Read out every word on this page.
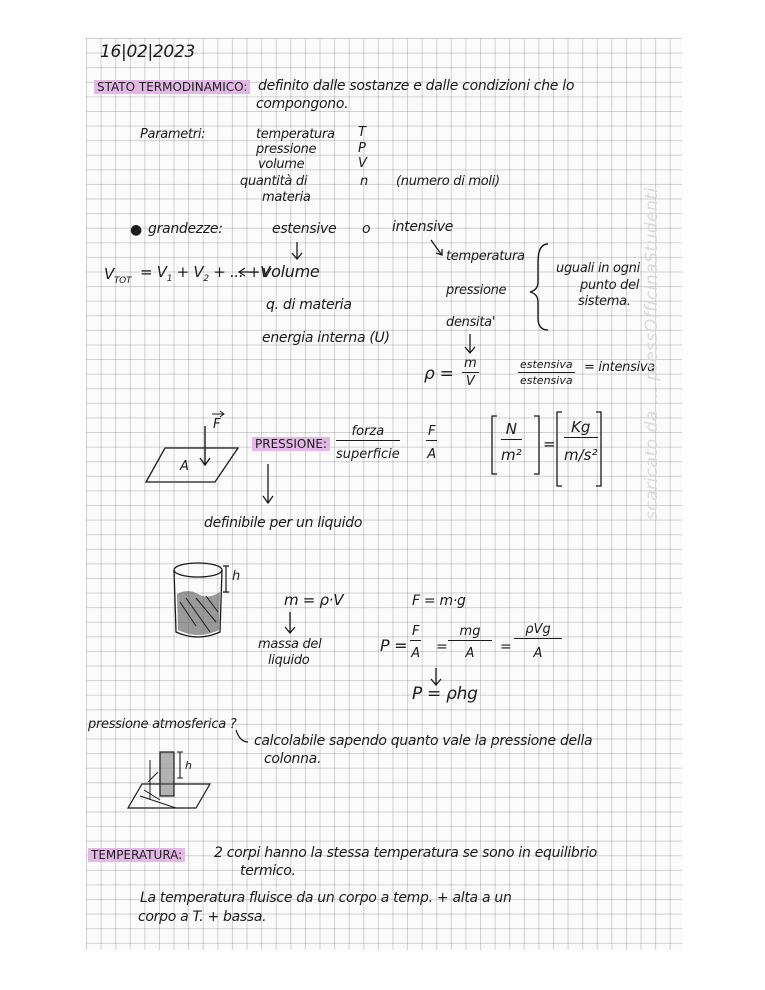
16|02|2023
STATO TERMODINAMICO: definito dalle sostanze e dalle condizioni che lo
compongono.
Parametri:	temperatura T
pressione	P
volume	V
quantità di	n (numero di moli)
materia
● grandezze:	estensive o intensive
$V_{TOT} = V_1 + V_2$ + ... +V
volume
q. di materia
energia interna (U)
temperatura
pressione
densita'
uguali in ogni
punto del
sistema.
$\rho = \frac{m}{V}$	estensiva
estensiva
= intensiva
F
A
PRESSIONE:
forza
superficie $\frac{F}{A}$	$\frac{N}{\text{m²}} = \frac{Kg}{\text{m/s²}}$
definibile per un liquido
h
m = ρ·V
massa del
liquido
F = m·g
$P = \frac{F}{A} = \frac{mg}{A}$ =
ρVg
A
P = ρhg
pressione atmosferica ?
calcolabile sapendo quanto vale la pressione della
colonna.
h
TEMPERATURA: 2 corpi hanno la stessa temperatura se sono in equilibrio
termico.
La temperatura fluisce da un corpo a temp. + alta a un
corpo a T. + bassa.
scaricato da ... pressOfficinaStudenti
